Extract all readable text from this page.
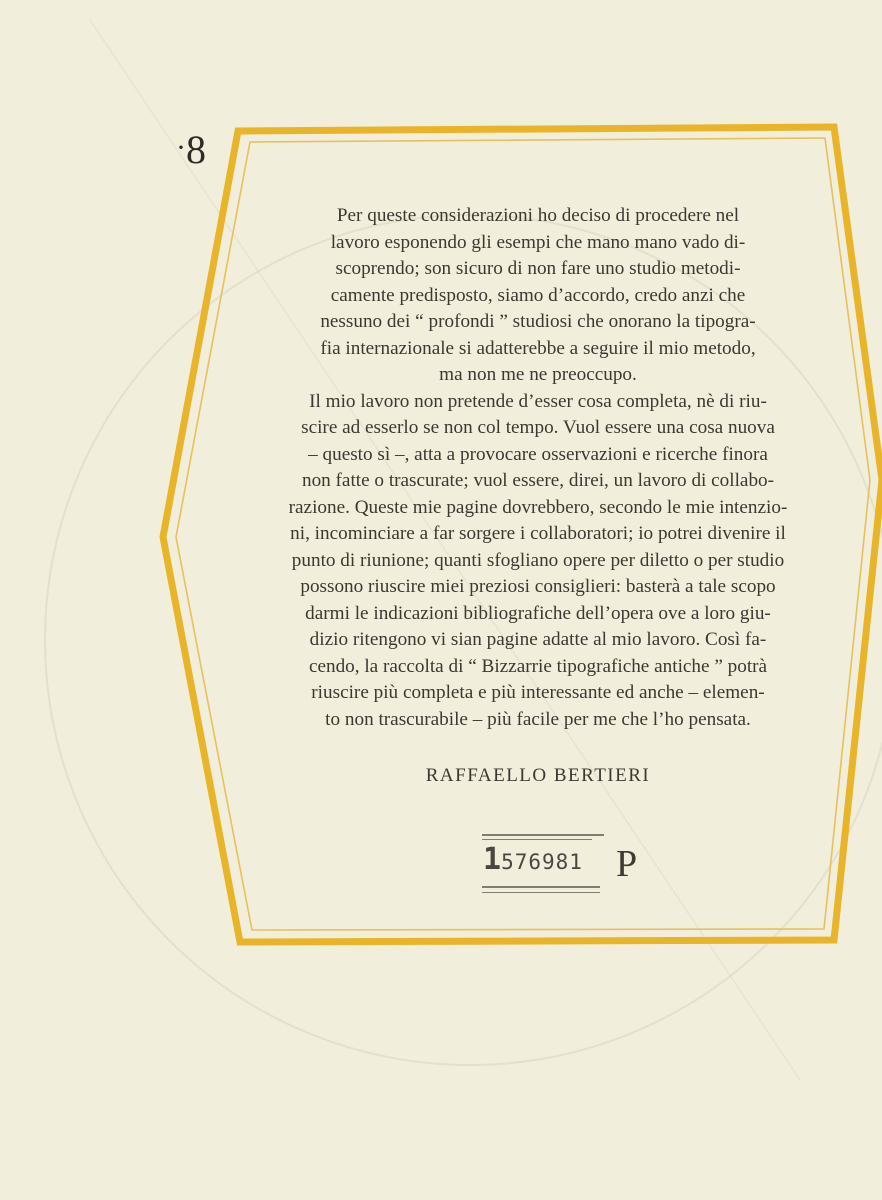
·8
Per queste considerazioni ho deciso di procedere nel
lavoro esponendo gli esempi che mano mano vado di-
scoprendo; son sicuro di non fare uno studio metodi-
camente predisposto, siamo d’accordo, credo anzi che
nessuno dei “ profondi ” studiosi che onorano la tipogra-
fia internazionale si adatterebbe a seguire il mio metodo,
ma non me ne preoccupo.
Il mio lavoro non pretende d’esser cosa completa, nè di riu-
scire ad esserlo se non col tempo. Vuol essere una cosa nuova
– questo sì –, atta a provocare osservazioni e ricerche finora
non fatte o trascurate; vuol essere, direi, un lavoro di collabo-
razione. Queste mie pagine dovrebbero, secondo le mie intenzio-
ni, incominciare a far sorgere i collaboratori; io potrei divenire il
punto di riunione; quanti sfogliano opere per diletto o per studio
possono riuscire miei preziosi consiglieri: basterà a tale scopo
darmi le indicazioni bibliografiche dell’opera ove a loro giu-
dizio ritengono vi sian pagine adatte al mio lavoro. Così fa-
cendo, la raccolta di “ Bizzarrie tipografiche antiche ” potrà
riuscire più completa e più interessante ed anche – elemen-
to non trascurabile – più facile per me che l’ho pensata.
RAFFAELLO BERTIERI
1576981 P
